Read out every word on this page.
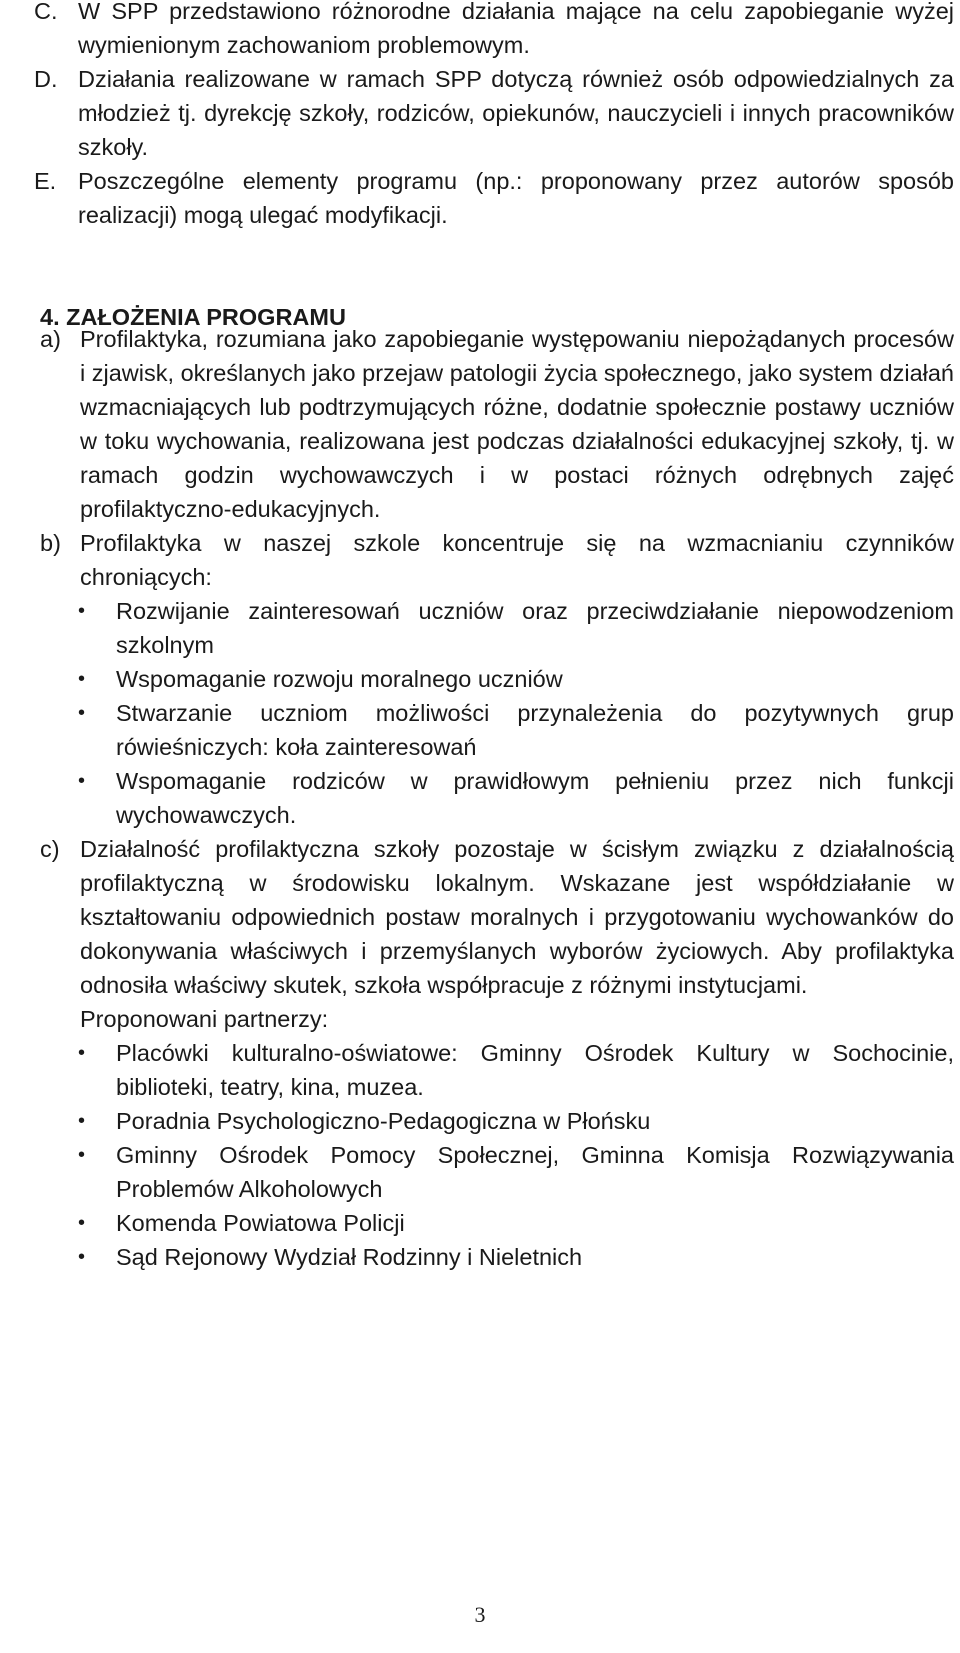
C. W SPP przedstawiono różnorodne działania mające na celu zapobieganie wyżej wymienionym zachowaniom problemowym.
D. Działania realizowane w ramach SPP dotyczą również osób odpowiedzialnych za młodzież tj. dyrekcję szkoły, rodziców, opiekunów, nauczycieli i innych pracowników szkoły.
E. Poszczególne elementy programu (np.: proponowany przez autorów sposób realizacji) mogą ulegać modyfikacji.
4. ZAŁOŻENIA PROGRAMU
a) Profilaktyka, rozumiana jako zapobieganie występowaniu niepożądanych procesów i zjawisk, określanych jako przejaw patologii życia społecznego, jako system działań wzmacniających lub podtrzymujących różne, dodatnie społecznie postawy uczniów w toku wychowania, realizowana jest podczas działalności edukacyjnej szkoły, tj. w ramach godzin wychowawczych i w postaci różnych odrębnych zajęć profilaktyczno-edukacyjnych.
b) Profilaktyka w naszej szkole koncentruje się na wzmacnianiu czynników chroniących:
•	Rozwijanie zainteresowań uczniów oraz przeciwdziałanie niepowodzeniom szkolnym
•	Wspomaganie rozwoju moralnego uczniów
•	Stwarzanie uczniom możliwości przynależenia do pozytywnych grup rówieśniczych: koła zainteresowań
•	Wspomaganie rodziców w prawidłowym pełnieniu przez nich funkcji wychowawczych.
c) Działalność profilaktyczna szkoły pozostaje w ścisłym związku z działalnością profilaktyczną w środowisku lokalnym. Wskazane jest współdziałanie w kształtowaniu odpowiednich postaw moralnych i przygotowaniu wychowanków do dokonywania właściwych i przemyślanych wyborów życiowych. Aby profilaktyka odnosiła właściwy skutek, szkoła współpracuje z różnymi instytucjami.
Proponowani partnerzy:
•	Placówki kulturalno-oświatowe: Gminny Ośrodek Kultury w Sochocinie, biblioteki, teatry, kina, muzea.
•	Poradnia Psychologiczno-Pedagogiczna w Płońsku
•	Gminny Ośrodek Pomocy Społecznej, Gminna Komisja Rozwiązywania Problemów Alkoholowych
•	Komenda Powiatowa Policji
•	Sąd Rejonowy Wydział Rodzinny i Nieletnich
3
